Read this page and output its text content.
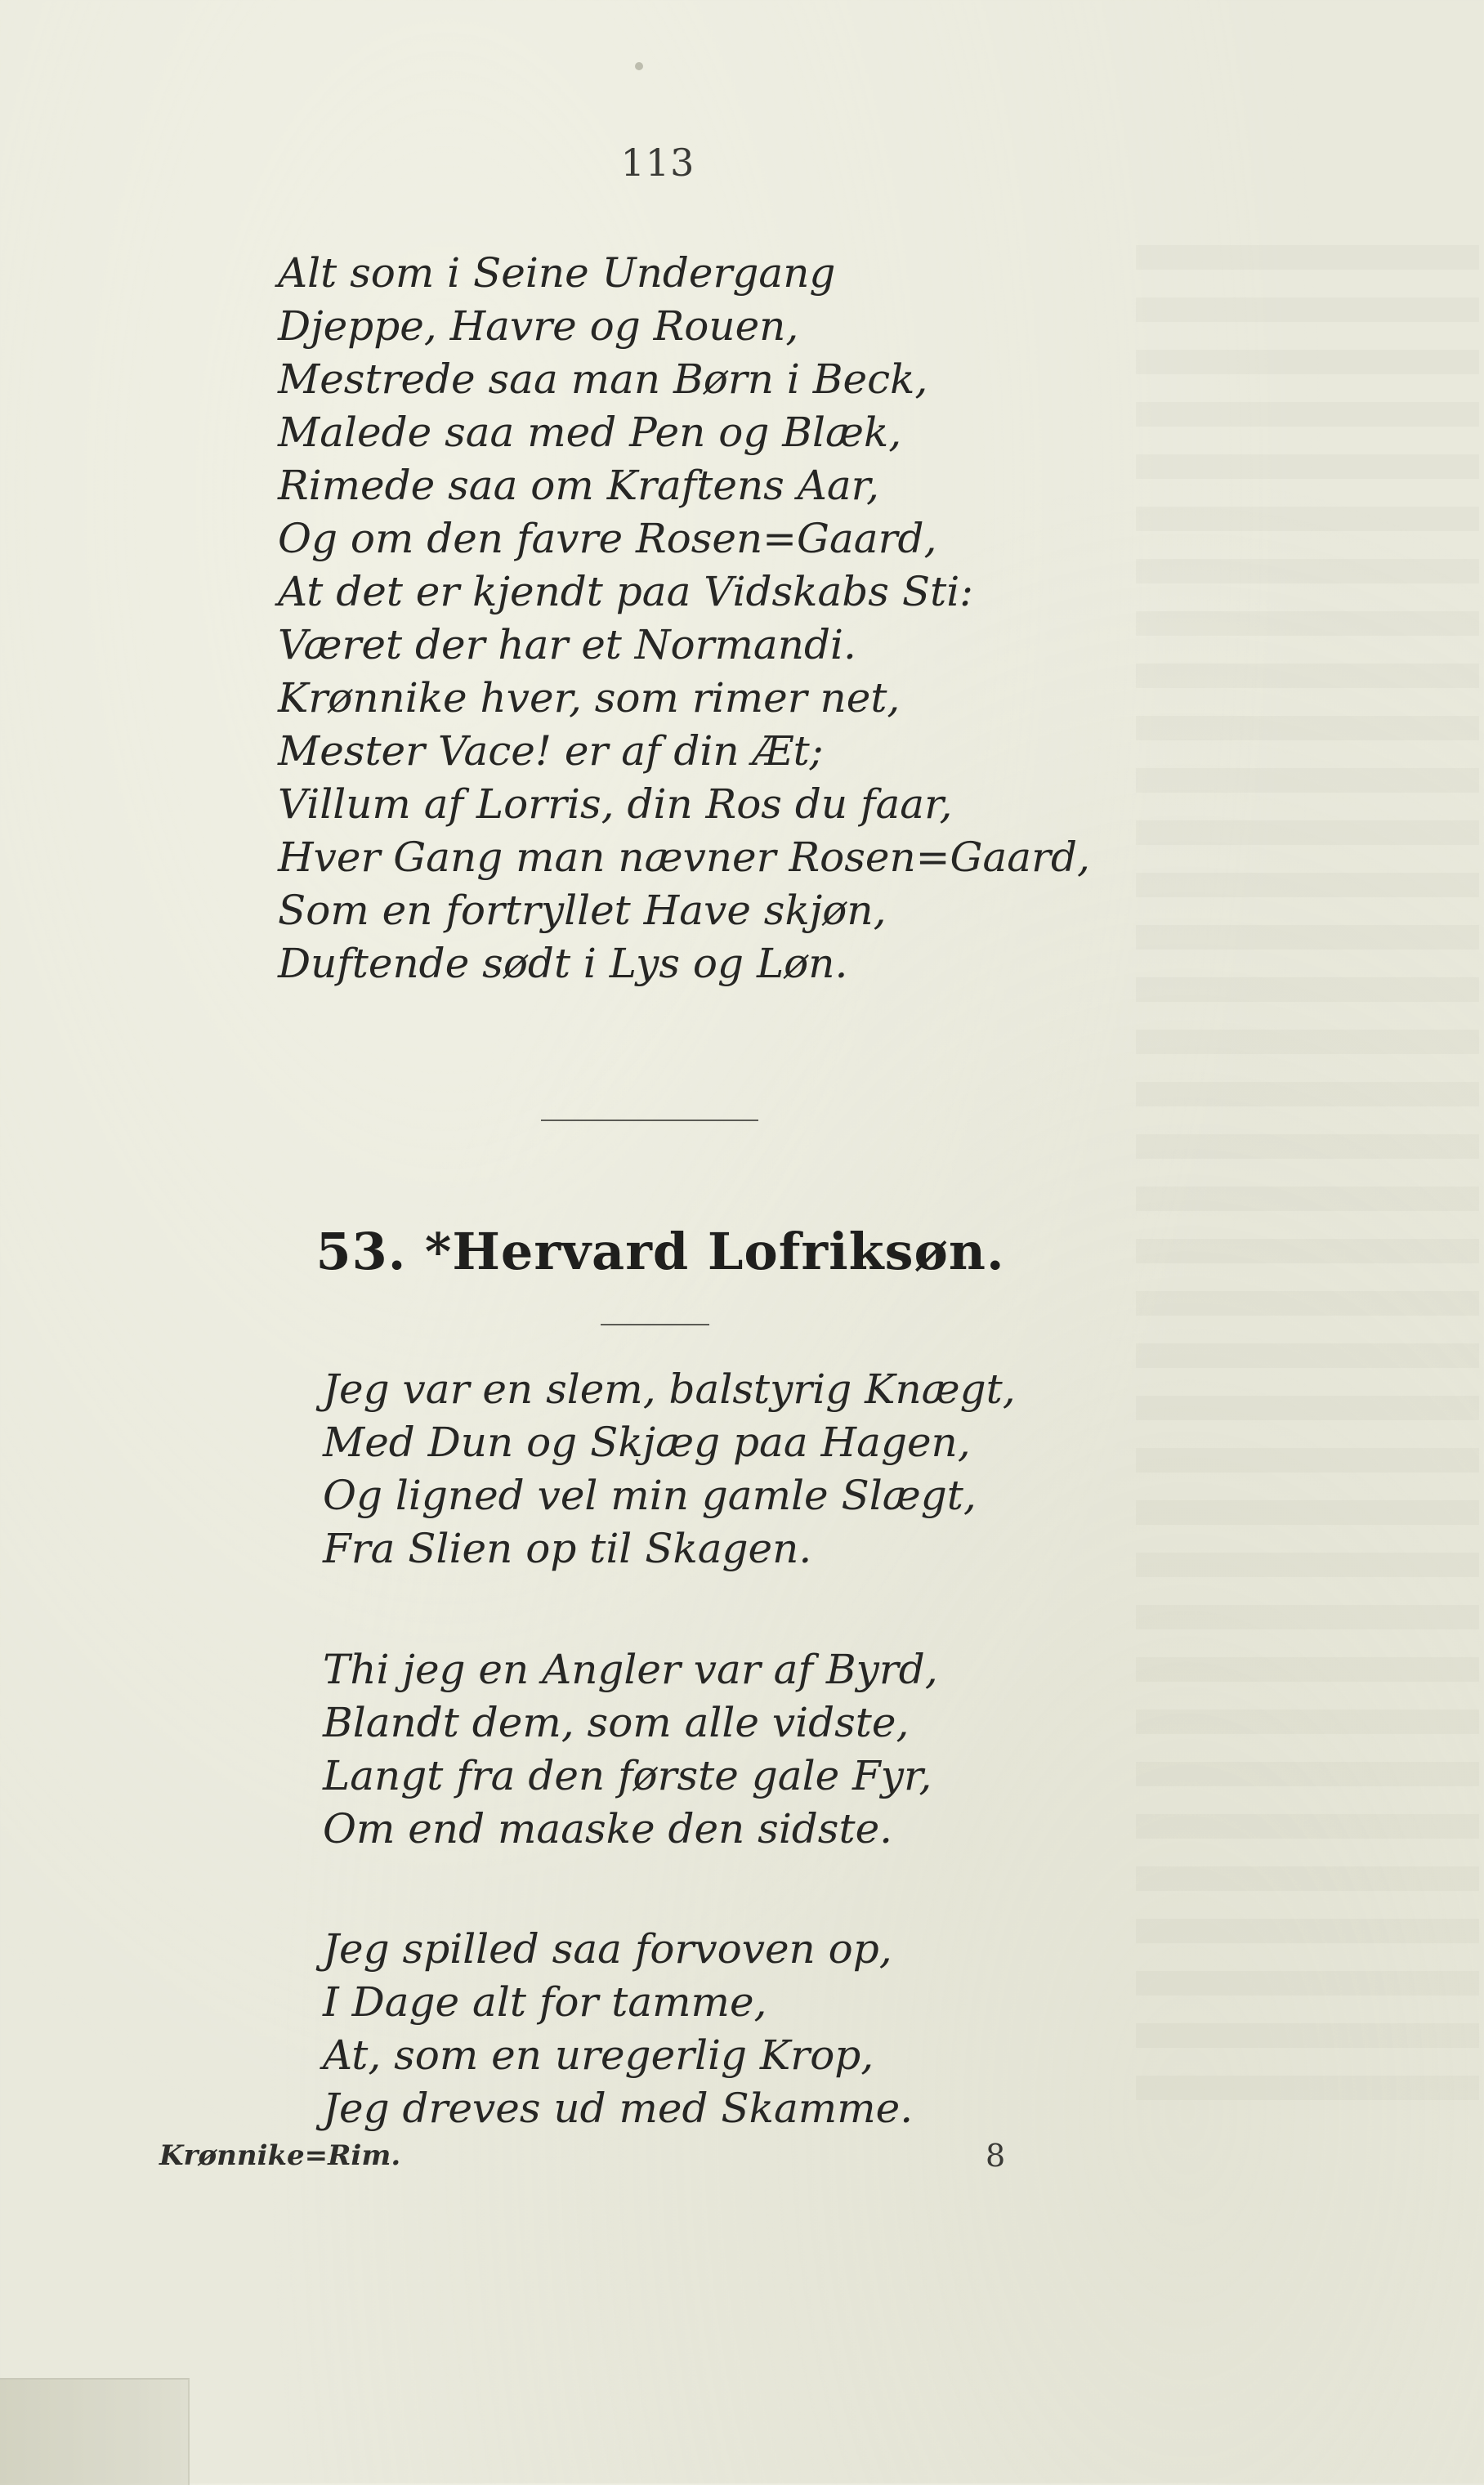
113
Alt som i Seine Undergang
Djeppe, Havre og Rouen,
Mestrede saa man Børn i Beck,
Malede saa med Pen og Blæk,
Rimede saa om Kraftens Aar,
Og om den favre Rosen=Gaard,
At det er kjendt paa Vidskabs Sti:
Været der har et Normandi.
Krønnike hver, som rimer net,
Mester Vace! er af din Æt;
Villum af Lorris, din Ros du faar,
Hver Gang man nævner Rosen=Gaard,
Som en fortryllet Have skjøn,
Duftende sødt i Lys og Løn.
53. *Hervard Lofriksøn.
Jeg var en slem, balstyrig Knægt,
Med Dun og Skjæg paa Hagen,
Og ligned vel min gamle Slægt,
Fra Slien op til Skagen.
Thi jeg en Angler var af Byrd,
Blandt dem, som alle vidste,
Langt fra den første gale Fyr,
Om end maaske den sidste.
Jeg spilled saa forvoven op,
I Dage alt for tamme,
At, som en uregerlig Krop,
Jeg dreves ud med Skamme.
Krønnike=Rim.	8
